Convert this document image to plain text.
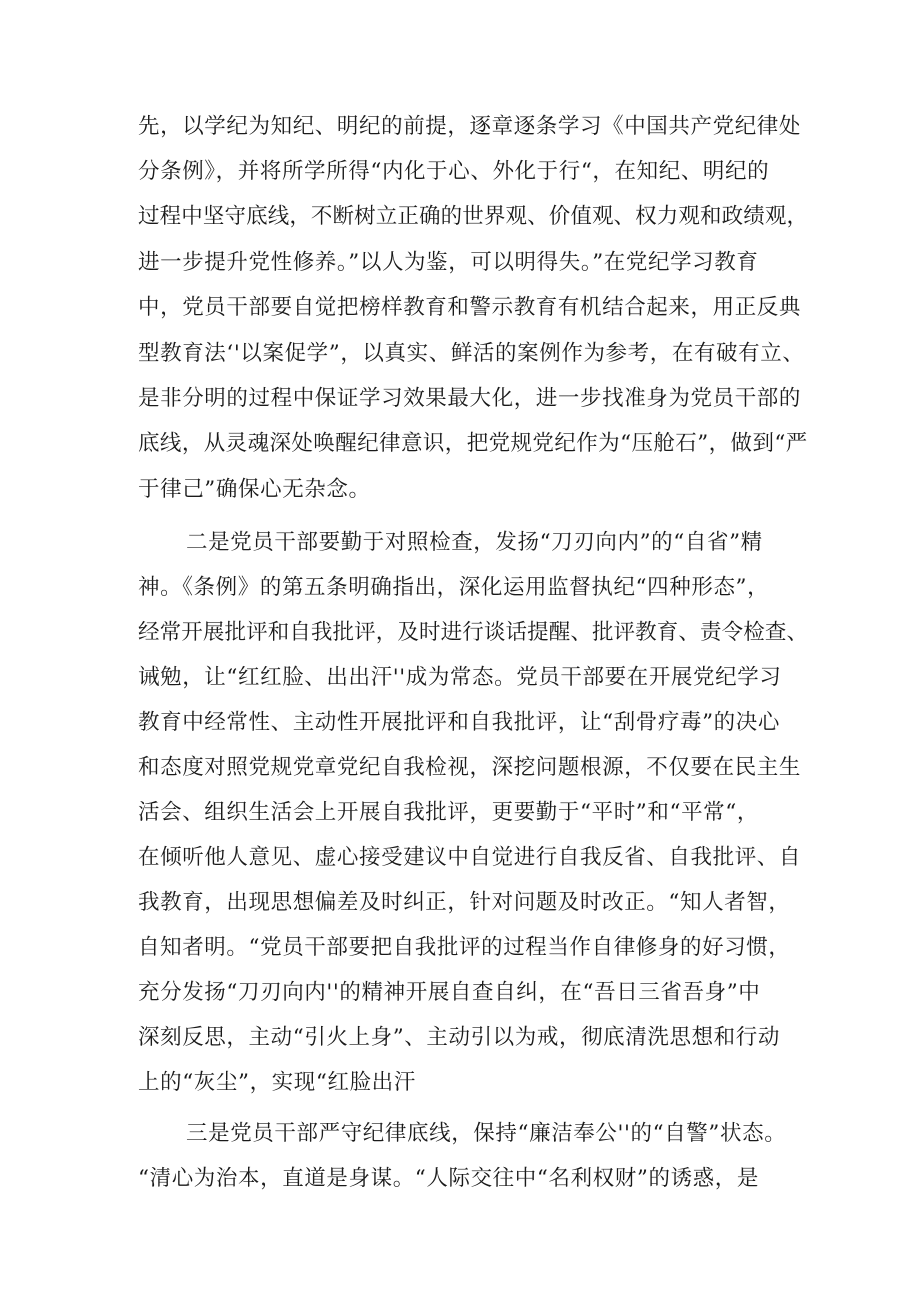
先，以学纪为知纪、明纪的前提，逐章逐条学习《中国共产党纪律处
分条例》，并将所学所得“内化于心、外化于行“，在知纪、明纪的
过程中坚守底线，不断树立正确的世界观、价值观、权力观和政绩观，
进一步提升党性修养。”以人为鉴，可以明得失。”在党纪学习教育
中，党员干部要自觉把榜样教育和警示教育有机结合起来，用正反典
型教育法‘'以案促学”，以真实、鲜活的案例作为参考，在有破有立、
是非分明的过程中保证学习效果最大化，进一步找准身为党员干部的
底线，从灵魂深处唤醒纪律意识，把党规党纪作为“压舱石”，做到“严
于律己”确保心无杂念。
二是党员干部要勤于对照检查，发扬“刀刃向内”的“自省”精
神。《条例》的第五条明确指出，深化运用监督执纪“四种形态”，
经常开展批评和自我批评，及时进行谈话提醒、批评教育、责令检查、
诫勉，让“红红脸、出出汗''成为常态。党员干部要在开展党纪学习
教育中经常性、主动性开展批评和自我批评，让“刮骨疗毒”的决心
和态度对照党规党章党纪自我检视，深挖问题根源，不仅要在民主生
活会、组织生活会上开展自我批评，更要勤于“平时”和“平常“，
在倾听他人意见、虚心接受建议中自觉进行自我反省、自我批评、自
我教育，出现思想偏差及时纠正，针对问题及时改正。“知人者智，
自知者明。“党员干部要把自我批评的过程当作自律修身的好习惯，
充分发扬“刀刃向内''的精神开展自查自纠，在“吾日三省吾身”中
深刻反思，主动“引火上身”、主动引以为戒，彻底清洗思想和行动
上的“灰尘”，实现“红脸出汗
三是党员干部严守纪律底线，保持“廉洁奉公''的“自警”状态。
“清心为治本，直道是身谋。“人际交往中“名利权财”的诱惑，是
